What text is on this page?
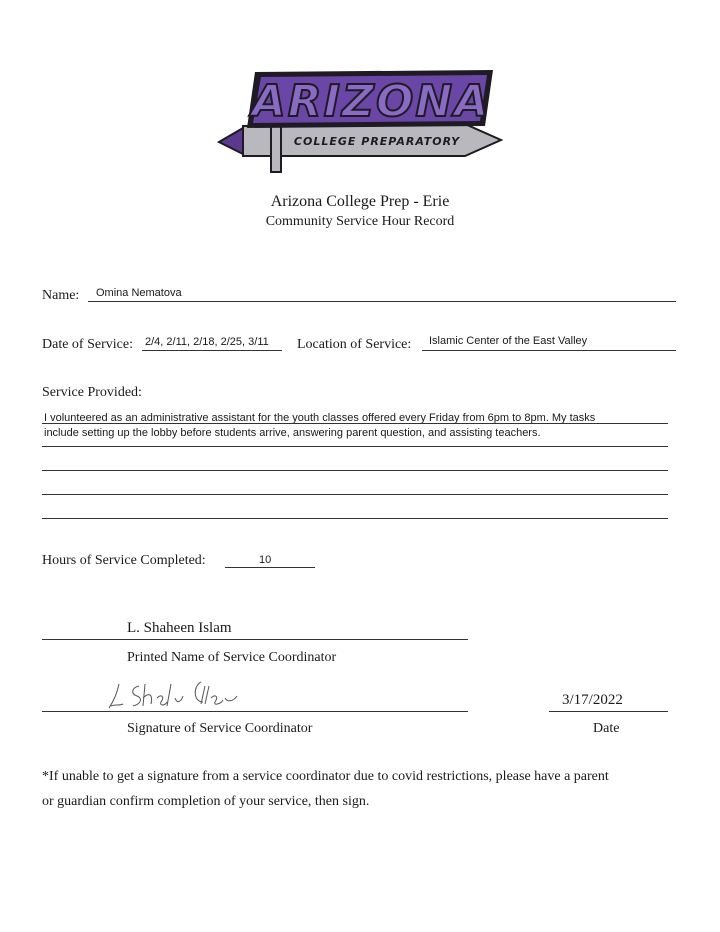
ARIZONA
COLLEGE PREPARATORY
Arizona College Prep - Erie
Community Service Hour Record
Name: Omina Nematova
Date of Service: 2/4, 2/11, 2/18, 2/25, 3/11 Location of Service: Islamic Center of the East Valley
Service Provided:
I volunteered as an administrative assistant for the youth classes offered every Friday from 6pm to 8pm. My tasks
include setting up the lobby before students arrive, answering parent question, and assisting teachers.
Hours of Service Completed:	10
L. Shaheen Islam
Printed Name of Service Coordinator
Signature of Service Coordinator
3/17/2022
Date
*If unable to get a signature from a service coordinator due to covid restrictions, please have a parent
or guardian confirm completion of your service, then sign.
